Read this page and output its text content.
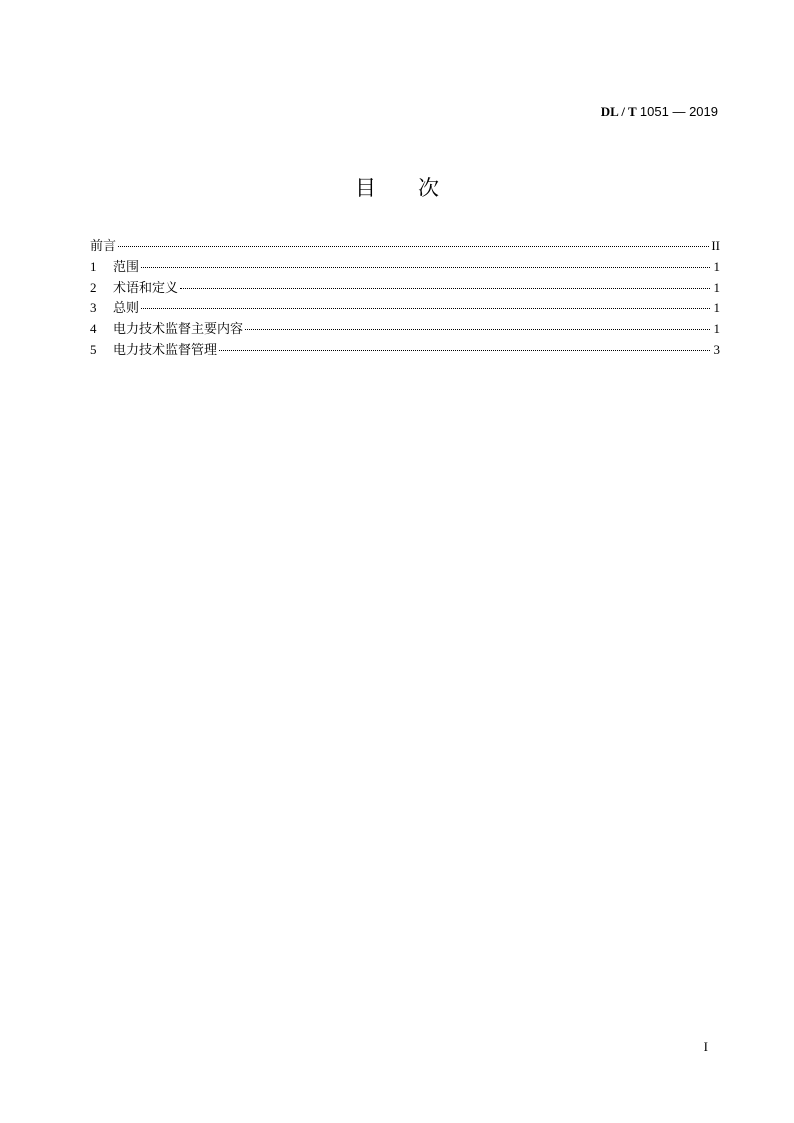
DL / T 1051 — 2019
目次
前言	II
1	范围	1
2	术语和定义	1
3	总则	1
4	电力技术监督主要内容	1
5	电力技术监督管理	3
I
